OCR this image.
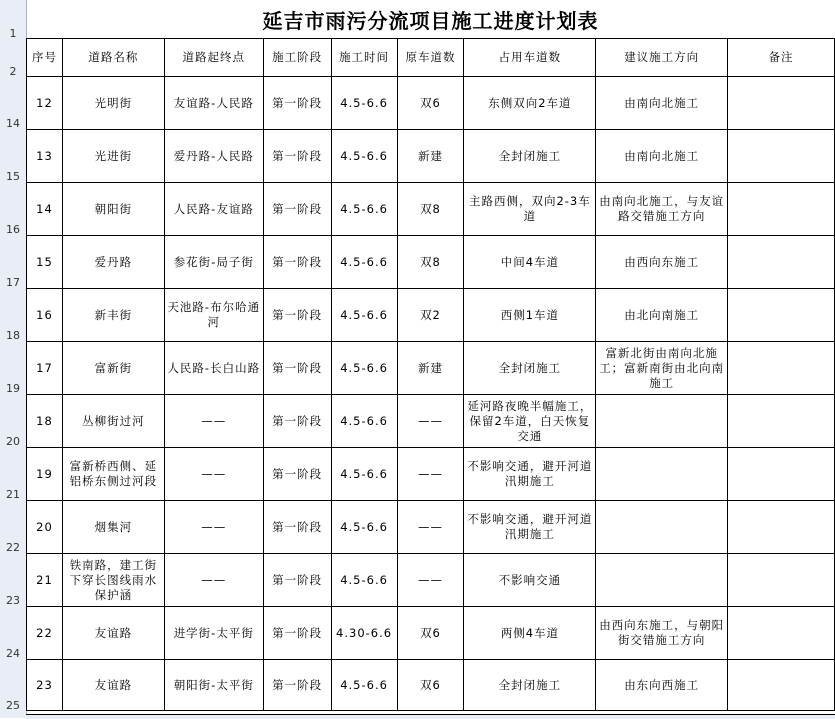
1
2
14
15
16
17
18
19
20
21
22
23
24
25
延吉市雨污分流项目施工进度计划表
序号	道路名称	道路起终点	施工阶段	施工时间	原车道数	占用车道数	建议施工方向	备注
12	光明街	友谊路-人民路	第一阶段	4.5-6.6	双6	东侧双向2车道	由南向北施工	
13	光进街	爱丹路-人民路	第一阶段	4.5-6.6	新建	全封闭施工	由南向北施工	
14	朝阳街	人民路-友谊路	第一阶段	4.5-6.6	双8	主路西侧，双向2-3车道	由南向北施工，与友谊路交错施工方向	
15	爱丹路	参花街-局子街	第一阶段	4.5-6.6	双8	中间4车道	由西向东施工	
16	新丰街	天池路-布尔哈通河	第一阶段	4.5-6.6	双2	西侧1车道	由北向南施工	
17	富新街	人民路-长白山路	第一阶段	4.5-6.6	新建	全封闭施工	富新北街由南向北施工；富新南街由北向南施工	
18	丛柳街过河	——	第一阶段	4.5-6.6	——	延河路夜晚半幅施工，保留2车道，白天恢复交通		
19	富新桥西侧、延铝桥东侧过河段	——	第一阶段	4.5-6.6	——	不影响交通，避开河道汛期施工		
20	烟集河	——	第一阶段	4.5-6.6	——	不影响交通，避开河道汛期施工		
21	铁南路，建工街下穿长图线雨水保护涵	——	第一阶段	4.5-6.6	——	不影响交通		
22	友谊路	进学街-太平街	第一阶段	4.30-6.6	双6	两侧4车道	由西向东施工，与朝阳街交错施工方向	
23	友谊路	朝阳街-太平街	第一阶段	4.5-6.6	双6	全封闭施工	由东向西施工	
